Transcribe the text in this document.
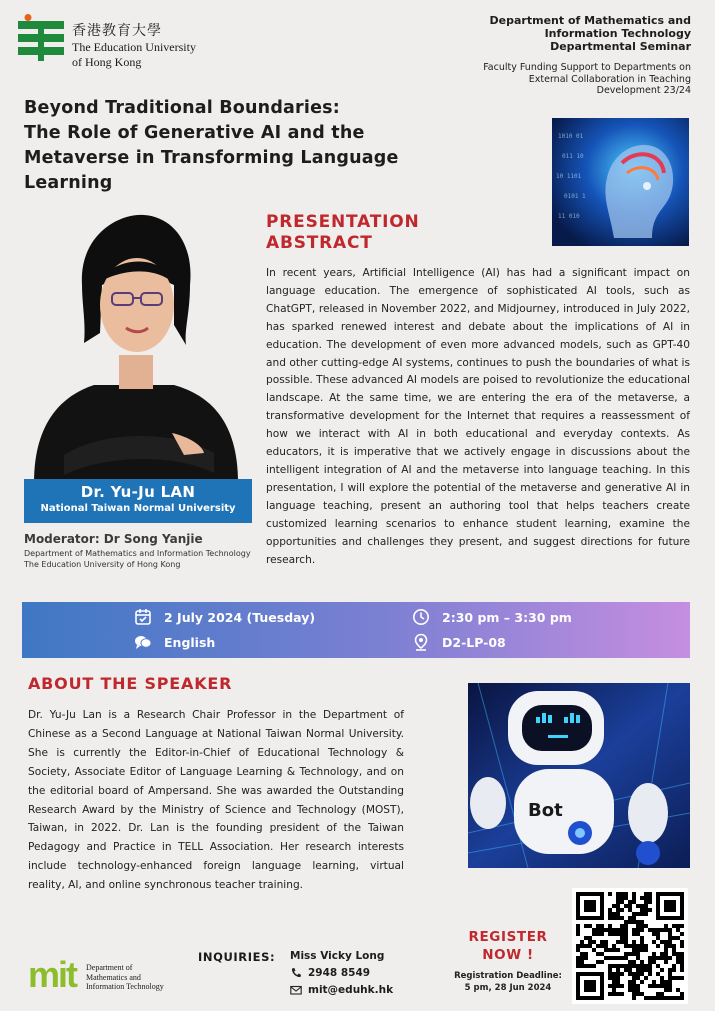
香港教育大學
The Education University
of Hong Kong
Department of Mathematics and
Information Technology
Departmental Seminar
Faculty Funding Support to Departments on
External Collaboration in Teaching
Development 23/24
Beyond Traditional Boundaries:
The Role of Generative AI and the
Metaverse in Transforming Language
Learning
1010 01
011 10
10 1101
0101 1
11 010
Dr. Yu-Ju LAN
National Taiwan Normal University
Moderator: Dr Song Yanjie
Department of Mathematics and Information Technology
The Education University of Hong Kong
PRESENTATION
ABSTRACT
In recent years, Artificial Intelligence (AI) has had a significant impact on language education. The emergence of sophisticated AI tools, such as ChatGPT, released in November 2022, and Midjourney, introduced in July 2022, has sparked renewed interest and debate about the implications of AI in education. The development of even more advanced models, such as GPT-40 and other cutting-edge AI systems, continues to push the boundaries of what is possible. These advanced AI models are poised to revolutionize the educational landscape. At the same time, we are entering the era of the metaverse, a transformative development for the Internet that requires a reassessment of how we interact with AI in both educational and everyday contexts. As educators, it is imperative that we actively engage in discussions about the intelligent integration of AI and the metaverse into language teaching. In this presentation, I will explore the potential of the metaverse and generative AI in language teaching, present an authoring tool that helps teachers create customized learning scenarios to enhance student learning, examine the opportunities and challenges they present, and suggest directions for future research.
2 July 2024 (Tuesday)
English
2:30 pm – 3:30 pm
D2-LP-08
ABOUT THE SPEAKER
Dr. Yu-Ju Lan is a Research Chair Professor in the Department of Chinese as a Second Language at National Taiwan Normal University. She is currently the Editor-in-Chief of Educational Technology & Society, Associate Editor of Language Learning & Technology, and on the editorial board of Ampersand. She was awarded the Outstanding Research Award by the Ministry of Science and Technology (MOST), Taiwan, in 2022. Dr. Lan is the founding president of the Taiwan Pedagogy and Practice in TELL Association. Her research interests include technology-enhanced foreign language learning, virtual reality, AI, and online synchronous teacher training.
Bot
mit Department of
Mathematics and
Information Technology
INQUIRIES: Miss Vicky Long
2948 8549
mit@eduhk.hk
REGISTER
NOW !
Registration Deadline:
5 pm, 28 Jun 2024
